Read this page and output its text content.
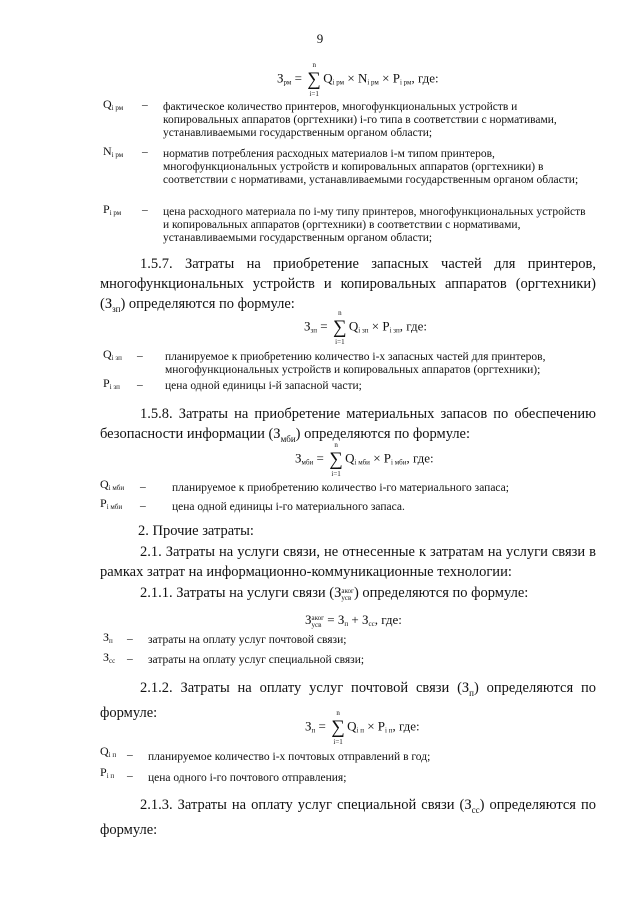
9
$З_{рм}$ =
n
∑
i=1
$Q_{i рм} \times N_{i рм} \times P_{i рм}$, где:
$Q_{i рм}$ – фактическое количество принтеров, многофункциональных устройств и копировальных аппаратов (оргтехники) i-го типа в соответствии с нормативами, устанавливаемыми государственным органом области;
$N_{i рм}$ – норматив потребления расходных материалов i-м типом принтеров, многофункциональных устройств и копировальных аппаратов (оргтехники) в соответствии с нормативами, устанавливаемыми государственным органом области;
$P_{i рм}$ – цена расходного материала по i-му типу принтеров, многофункциональных устройств и копировальных аппаратов (оргтехники) в соответствии с нормативами, устанавливаемыми государственным органом области;
1.5.7. Затраты на приобретение запасных частей для принтеров, многофункциональных устройств и копировальных аппаратов (оргтехники) $(З_{зп})$ определяются по формуле:
$З_{зп}$ =
n
∑
i=1
$Q_{i зп} \times P_{i зп}$, где:
$Q_{i зп}$ – планируемое к приобретению количество i-х запасных частей для принтеров, многофункциональных устройств и копировальных аппаратов (оргтехники);
$P_{i зп}$ – цена одной единицы i-й запасной части;
1.5.8. Затраты на приобретение материальных запасов по обеспечению безопасности информации $(З_{мби})$ определяются по формуле:
$З_{мби}$ =
n
∑
i=1
$Q_{i мби} \times P_{i мби}$, где:
$Q_{i мби}$ – планируемое к приобретению количество i-го материального запаса;
$P_{i мби}$ – цена одной единицы i-го материального запаса.
2. Прочие затраты:
2.1. Затраты на услуги связи, не отнесенные к затратам на услуги связи в рамках затрат на информационно-коммуникационные технологии:
2.1.1. Затраты на услуги связи (З аког
усв ) определяются по формуле:
З аког
усв = $З_п + З_{сс}$, где:
$З_п$ – затраты на оплату услуг почтовой связи;
$З_{сс}$ – затраты на оплату услуг специальной связи;
2.1.2. Затраты на оплату услуг почтовой связи $(З_п)$ определяются по формуле:
$З_п$ =
n
∑
i=1
$Q_{i п} \times P_{i п}$, где:
$Q_{i п}$ – планируемое количество i-х почтовых отправлений в год;
$P_{i п}$ – цена одного i-го почтового отправления;
2.1.3. Затраты на оплату услуг специальной связи $(З_{сс})$ определяются по формуле:
